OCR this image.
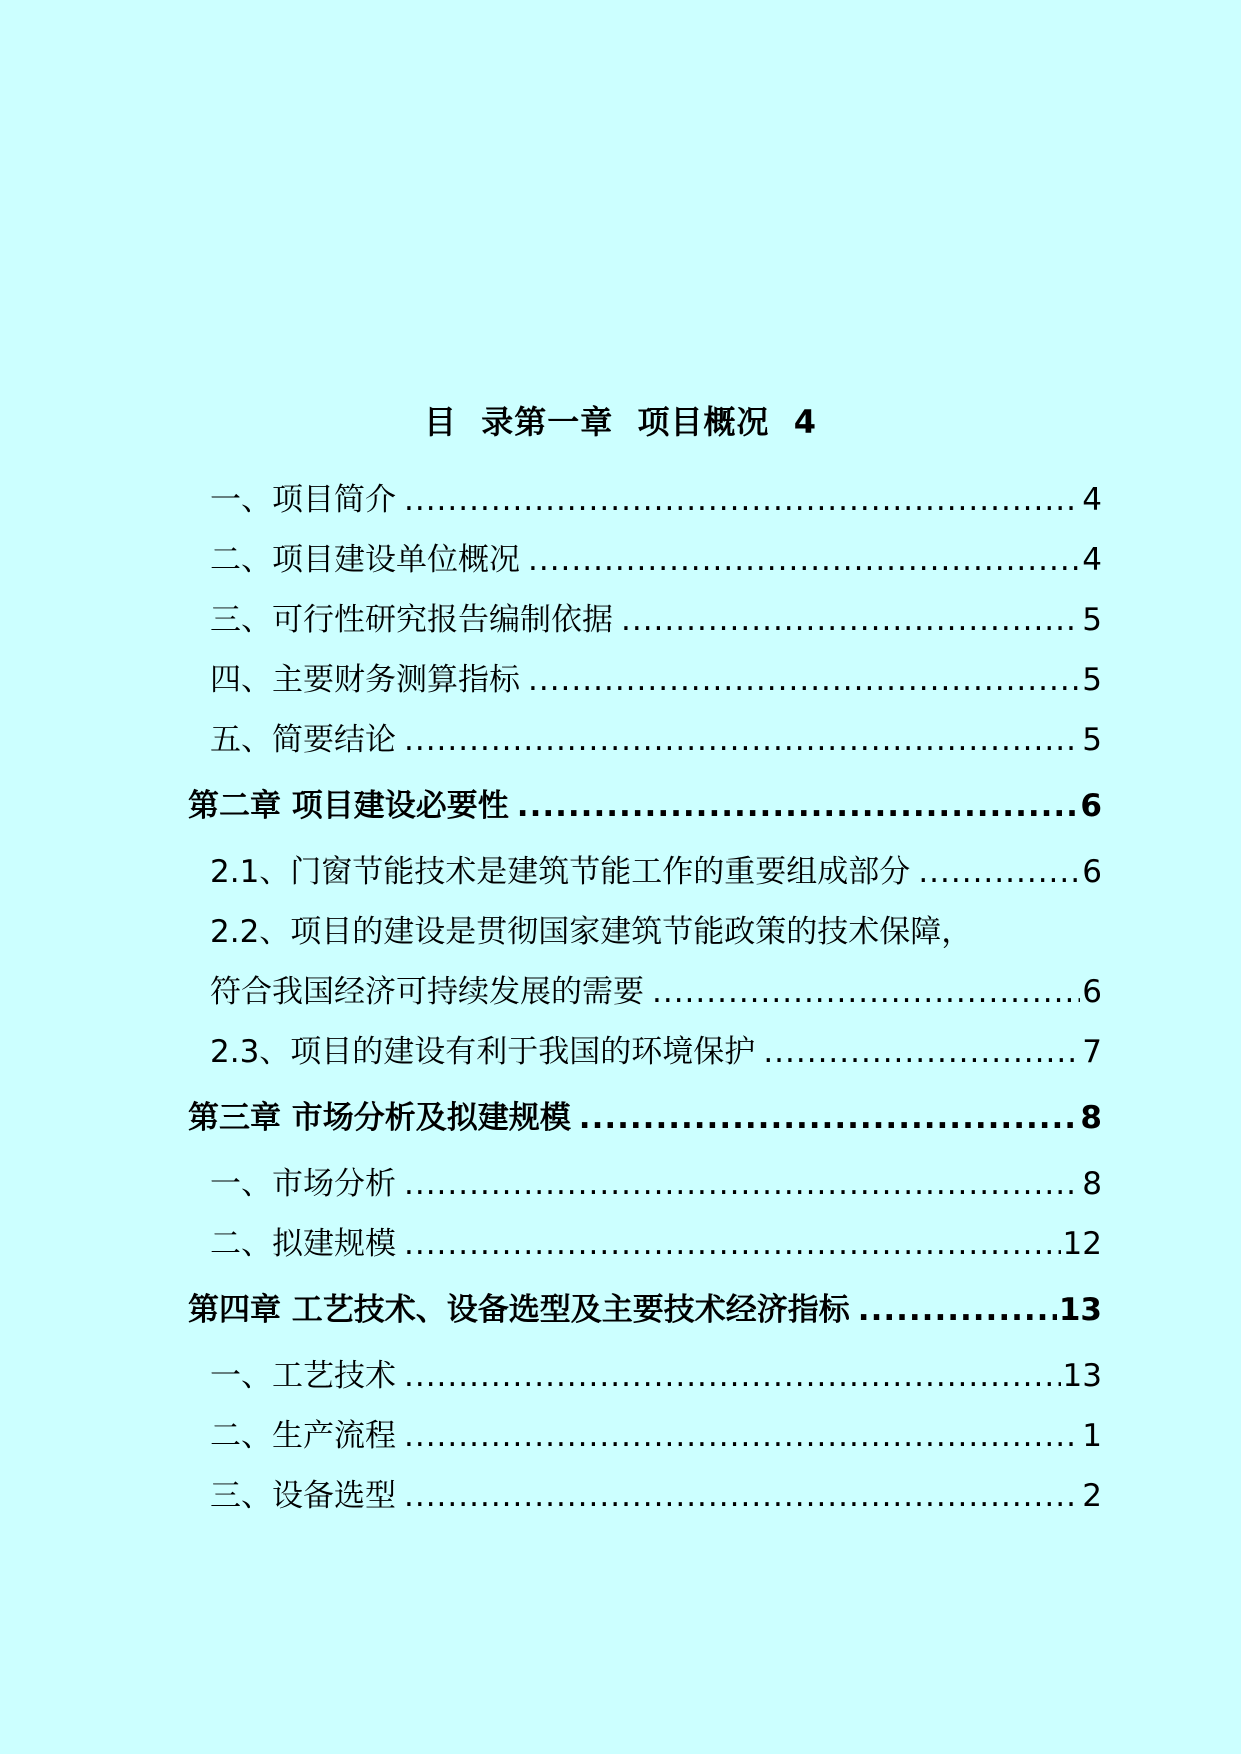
目  录第一章  项目概况  4
一、项目简介 .....	4
二、项目建设单位概况 .....	4
三、可行性研究报告编制依据 .....	5
四、主要财务测算指标 .....	5
五、简要结论 .....	5
第二章 项目建设必要性 .....	6
2.1、门窗节能技术是建筑节能工作的重要组成部分 .....	6
2.2、项目的建设是贯彻国家建筑节能政策的技术保障，
符合我国经济可持续发展的需要 .....	6
2.3、项目的建设有利于我国的环境保护 .....	7
第三章 市场分析及拟建规模 .....	8
一、市场分析 .....	8
二、拟建规模 .....	12
第四章 工艺技术、设备选型及主要技术经济指标 .....	13
一、工艺技术 .....	13
二、生产流程 .....	1
三、设备选型 .....	2
